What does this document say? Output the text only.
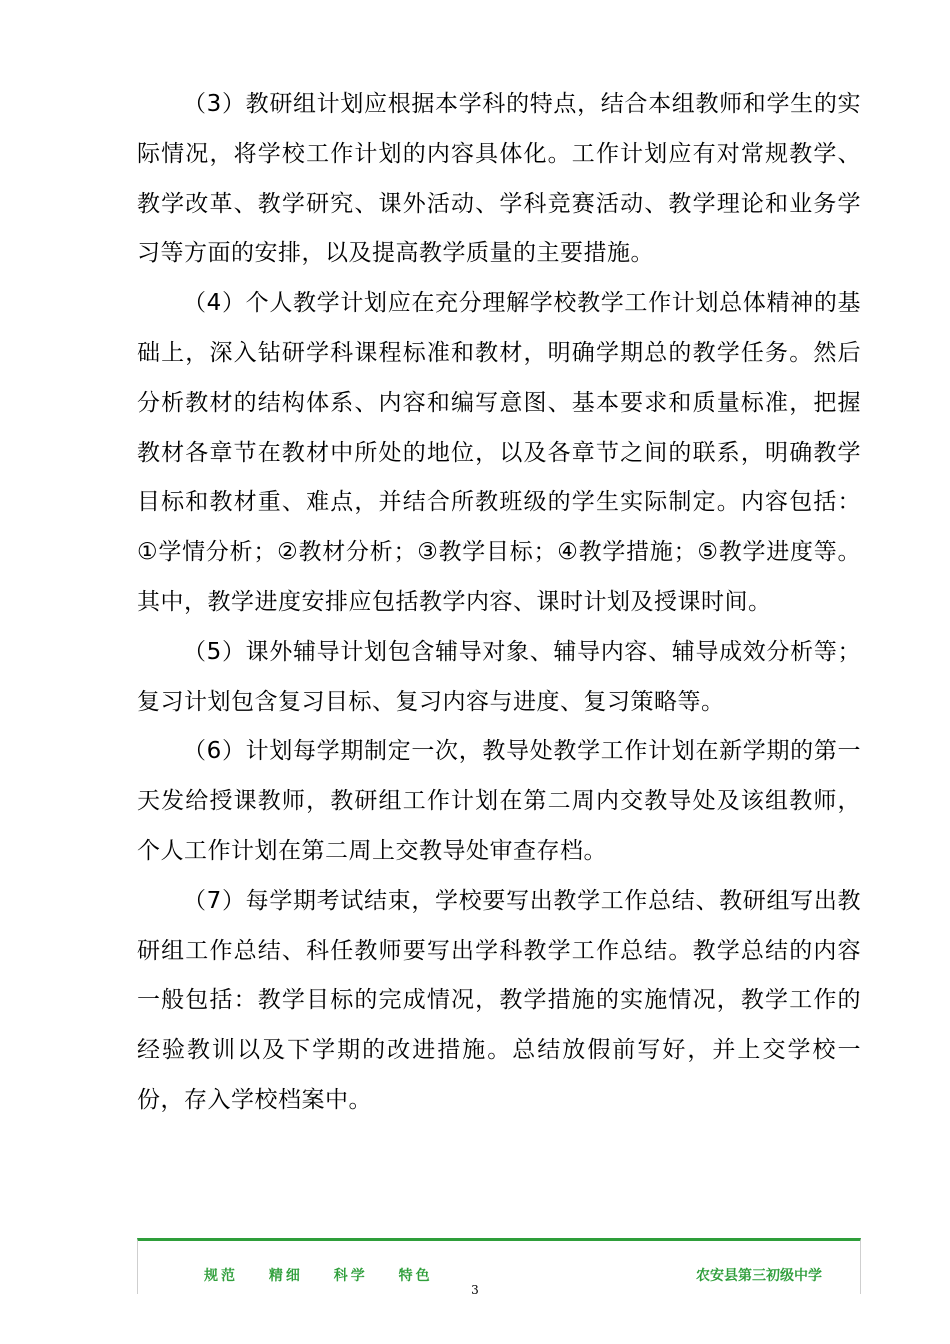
（3）教研组计划应根据本学科的特点，结合本组教师和学生的实际情况，将学校工作计划的内容具体化。工作计划应有对常规教学、教学改革、教学研究、课外活动、学科竞赛活动、教学理论和业务学习等方面的安排，以及提高教学质量的主要措施。

（4）个人教学计划应在充分理解学校教学工作计划总体精神的基础上，深入钻研学科课程标准和教材，明确学期总的教学任务。然后分析教材的结构体系、内容和编写意图、基本要求和质量标准，把握教材各章节在教材中所处的地位，以及各章节之间的联系，明确教学目标和教材重、难点，并结合所教班级的学生实际制定。内容包括：①学情分析；②教材分析；③教学目标；④教学措施；⑤教学进度等。其中，教学进度安排应包括教学内容、课时计划及授课时间。

（5）课外辅导计划包含辅导对象、辅导内容、辅导成效分析等；复习计划包含复习目标、复习内容与进度、复习策略等。

（6）计划每学期制定一次，教导处教学工作计划在新学期的第一天发给授课教师，教研组工作计划在第二周内交教导处及该组教师，个人工作计划在第二周上交教导处审查存档。

（7）每学期考试结束，学校要写出教学工作总结、教研组写出教研组工作总结、科任教师要写出学科教学工作总结。教学总结的内容一般包括：教学目标的完成情况，教学措施的实施情况，教学工作的经验教训以及下学期的改进措施。总结放假前写好，并上交学校一份，存入学校档案中。

规范 精细 科学 特色	农安县第三初级中学
3
